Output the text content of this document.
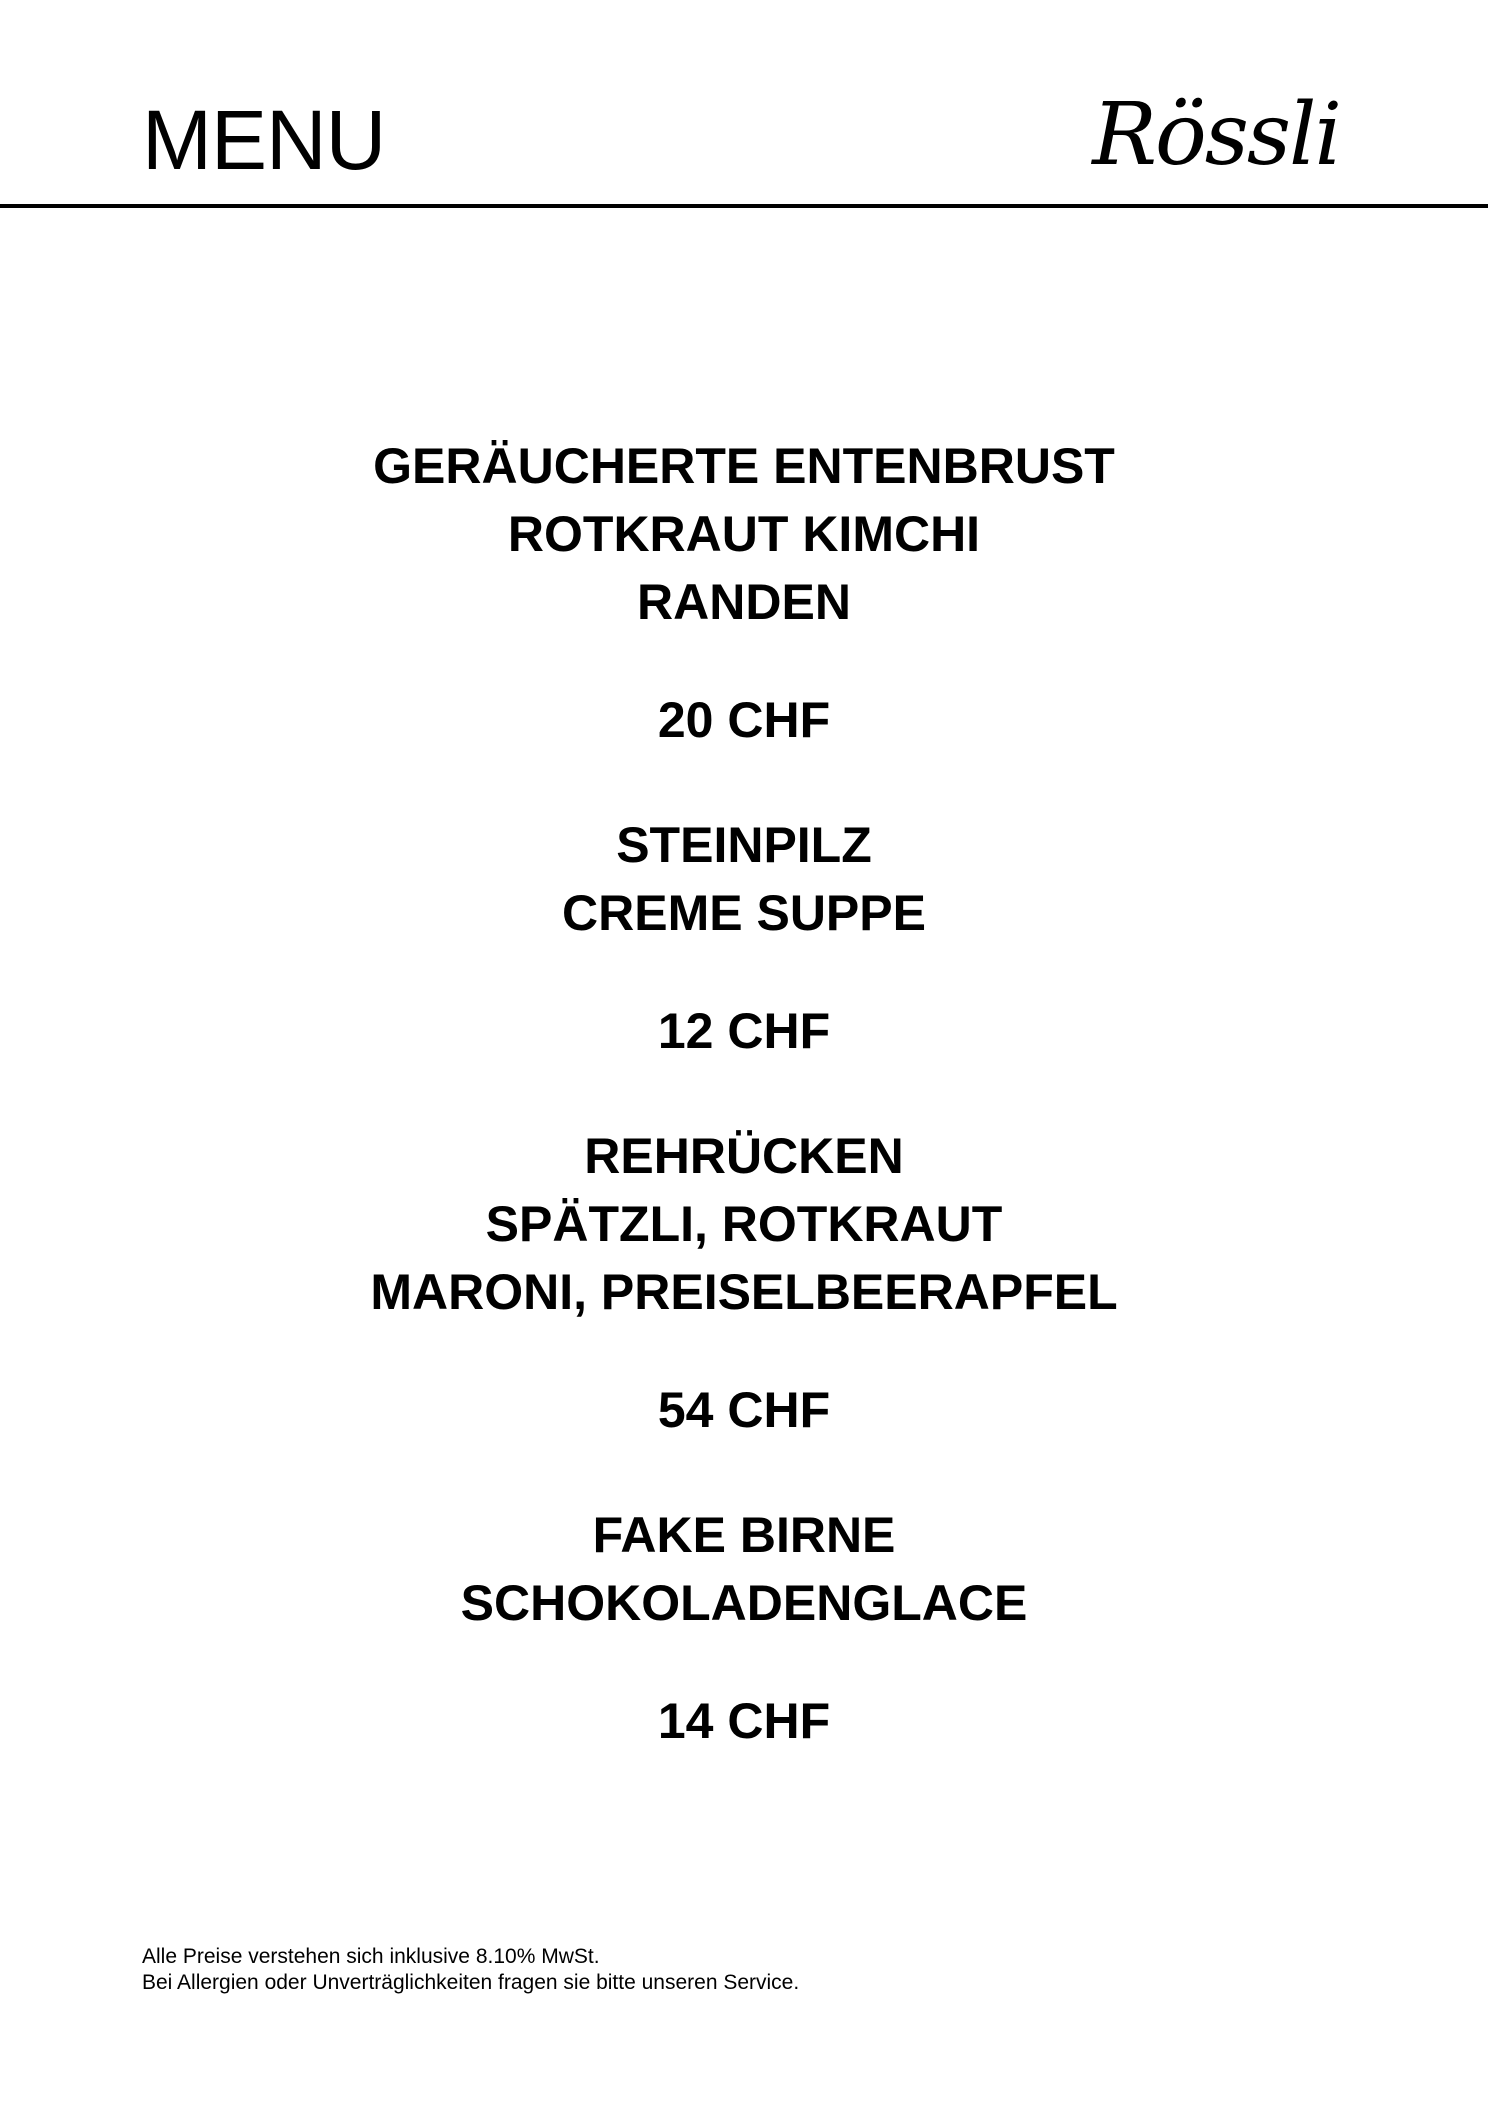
MENU	Rössli
GERÄUCHERTE ENTENBRUST
ROTKRAUT KIMCHI
RANDEN
20 CHF
STEINPILZ
CREME SUPPE
12 CHF
REHRÜCKEN
SPÄTZLI, ROTKRAUT
MARONI, PREISELBEERAPFEL
54 CHF
FAKE BIRNE
SCHOKOLADENGLACE
14 CHF
Alle Preise verstehen sich inklusive 8.10% MwSt.
Bei Allergien oder Unverträglichkeiten fragen sie bitte unseren Service.
